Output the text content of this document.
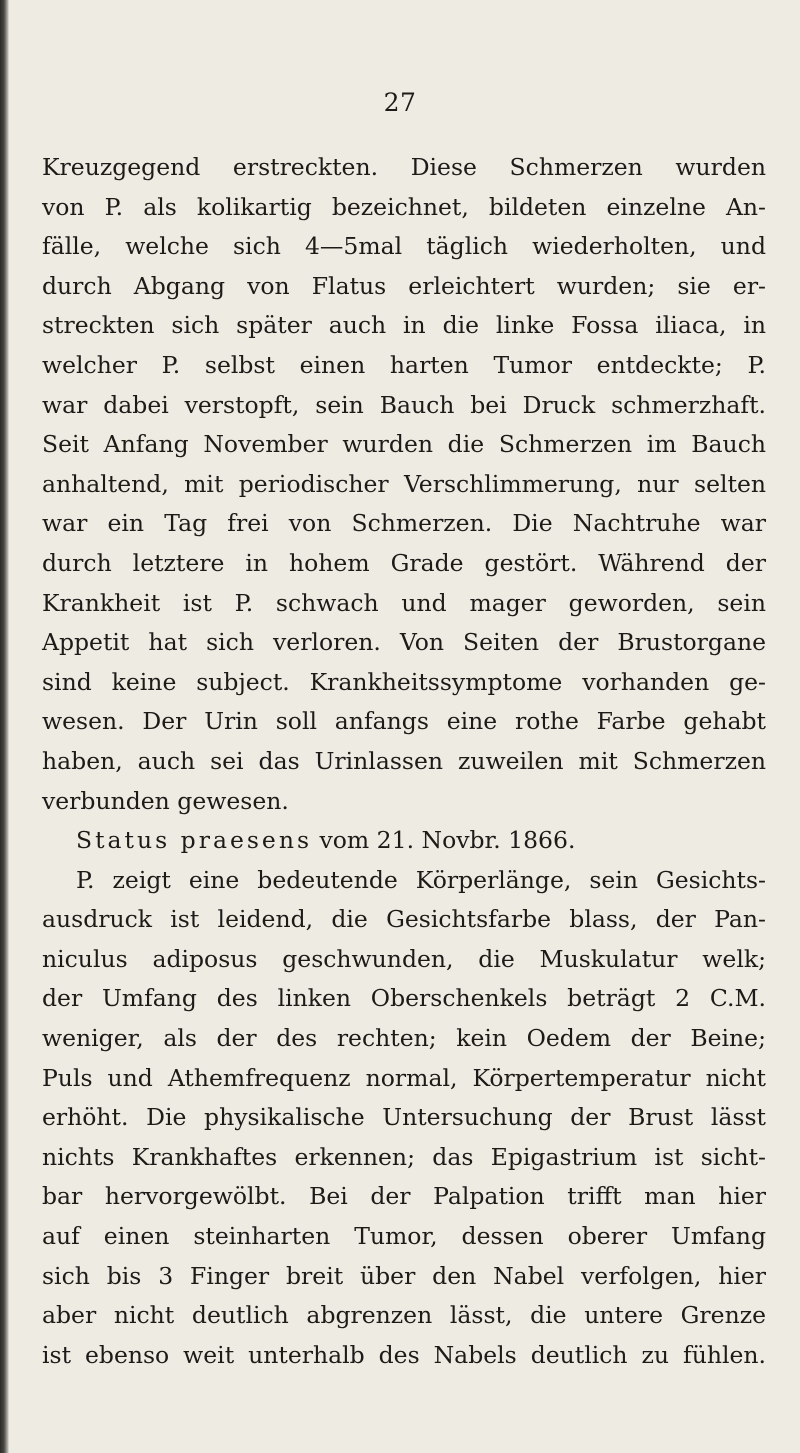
27
Kreuzgegend erstreckten. Diese Schmerzen wurden
von P. als kolikartig bezeichnet, bildeten einzelne An-
fälle, welche sich 4—5mal täglich wiederholten, und
durch Abgang von Flatus erleichtert wurden; sie er-
streckten sich später auch in die linke Fossa iliaca, in
welcher P. selbst einen harten Tumor entdeckte; P.
war dabei verstopft, sein Bauch bei Druck schmerzhaft.
Seit Anfang November wurden die Schmerzen im Bauch
anhaltend, mit periodischer Verschlimmerung, nur selten
war ein Tag frei von Schmerzen. Die Nachtruhe war
durch letztere in hohem Grade gestört. Während der
Krankheit ist P. schwach und mager geworden, sein
Appetit hat sich verloren. Von Seiten der Brustorgane
sind keine subject. Krankheitssymptome vorhanden ge-
wesen. Der Urin soll anfangs eine rothe Farbe gehabt
haben, auch sei das Urinlassen zuweilen mit Schmerzen
verbunden gewesen.
Status praesens vom 21. Novbr. 1866.
P. zeigt eine bedeutende Körperlänge, sein Gesichts-
ausdruck ist leidend, die Gesichtsfarbe blass, der Pan-
niculus adiposus geschwunden, die Muskulatur welk;
der Umfang des linken Oberschenkels beträgt 2 C.M.
weniger, als der des rechten; kein Oedem der Beine;
Puls und Athemfrequenz normal, Körpertemperatur nicht
erhöht. Die physikalische Untersuchung der Brust lässt
nichts Krankhaftes erkennen; das Epigastrium ist sicht-
bar hervorgewölbt. Bei der Palpation trifft man hier
auf einen steinharten Tumor, dessen oberer Umfang
sich bis 3 Finger breit über den Nabel verfolgen, hier
aber nicht deutlich abgrenzen lässt, die untere Grenze
ist ebenso weit unterhalb des Nabels deutlich zu fühlen.
